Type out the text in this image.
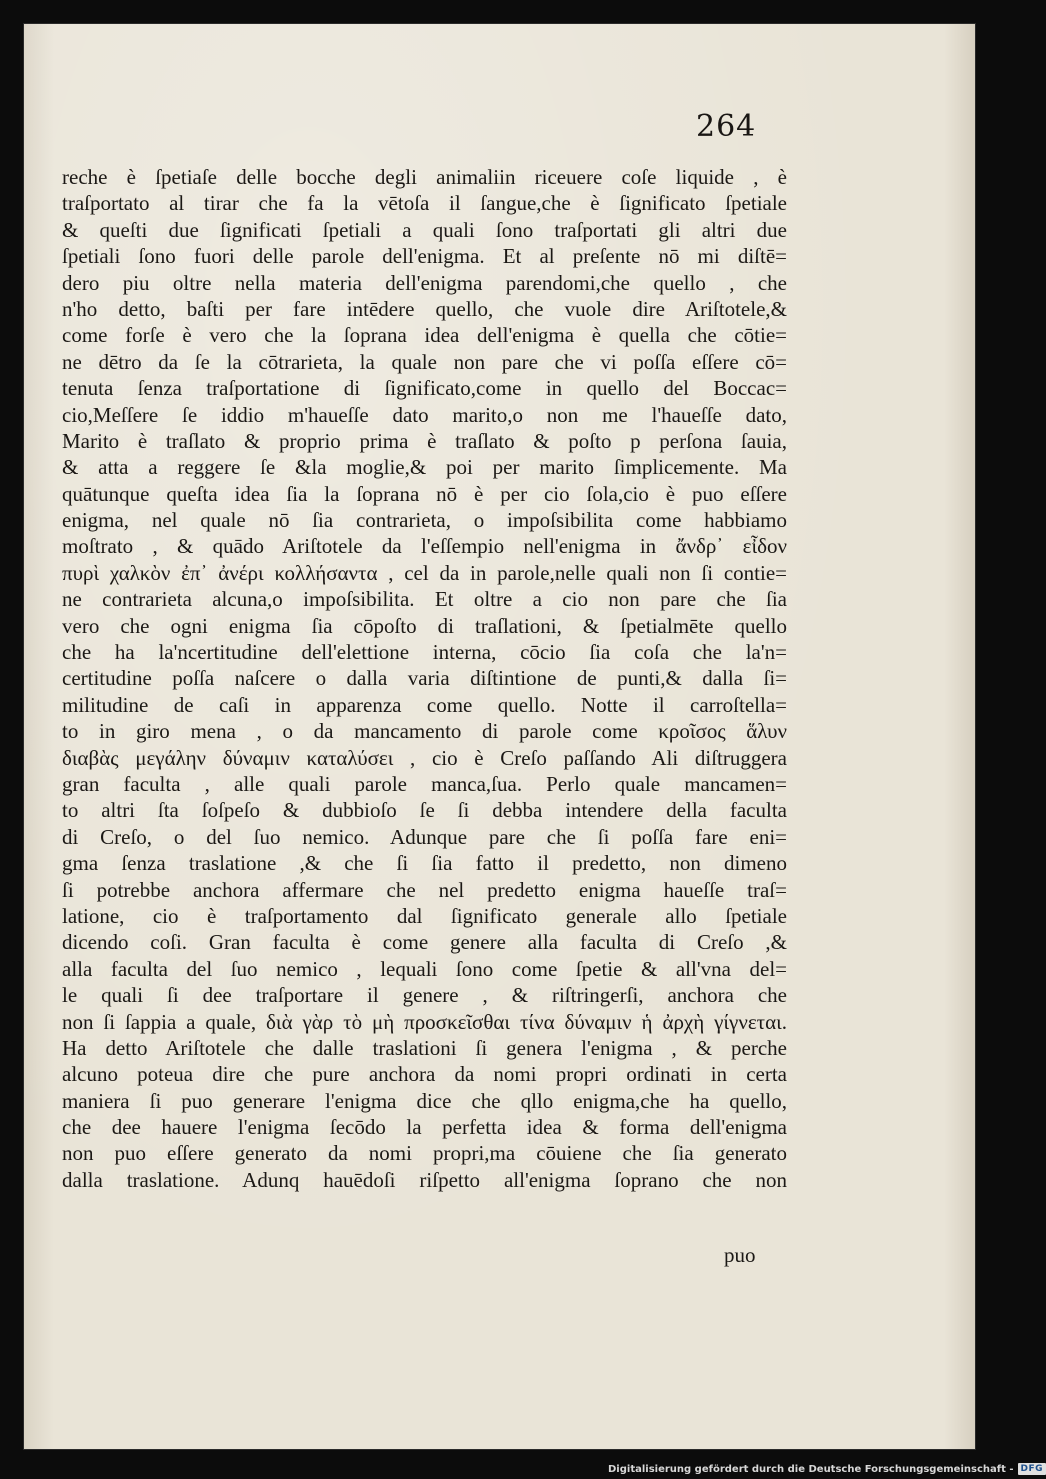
264
reche è ſpetiaſe delle bocche degli animaliin riceuere coſe liquide , è
traſportato al tirar che fa la vētoſa il ſangue,che è ſignificato ſpetiale
& queſti due ſignificati ſpetiali a quali ſono traſportati gli altri due
ſpetiali ſono fuori delle parole dell'enigma. Et al preſente nō mi diſtē=
dero piu oltre nella materia dell'enigma parendomi,che quello , che
n'ho detto, baſti per fare intēdere quello, che vuole dire Ariſtotele,&
come forſe è vero che la ſoprana idea dell'enigma è quella che cōtie=
ne dētro da ſe la cōtrarieta, la quale non pare che vi poſſa eſſere cō=
tenuta ſenza traſportatione di ſignificato,come in quello del Boccac=
cio,Meſſere ſe iddio m'haueſſe dato marito,o non me l'haueſſe dato,
Marito è traſlato & proprio prima è traſlato & poſto p perſona ſauia,
& atta a reggere ſe &la moglie,& poi per marito ſimplicemente. Ma
quātunque queſta idea ſia la ſoprana nō è per cio ſola,cio è puo eſſere
enigma, nel quale nō ſia contrarieta, o impoſsibilita come habbiamo
moſtrato , & quādo Ariſtotele da l'eſſempio nell'enigma in ἄνδρ᾽ εἶδον
πυρὶ χαλκὸν ἐπ᾽ ἀνέρι κολλήσαντα , cel da in parole,nelle quali non ſi contie=
ne contrarieta alcuna,o impoſsibilita. Et oltre a cio non pare che ſia
vero che ogni enigma ſia cōpoſto di traſlationi, & ſpetialmēte quello
che ha la'ncertitudine dell'elettione interna, cōcio ſia coſa che la'n=
certitudine poſſa naſcere o dalla varia diſtintione de punti,& dalla ſi=
militudine de caſi in apparenza come quello. Notte il carroſtella=
to in giro mena , o da mancamento di parole come κροῖσος ἅλυν
διαβὰς μεγάλην δύναμιν καταλύσει , cio è Creſo paſſando Ali diſtruggera
gran faculta , alle quali parole manca,ſua. Perlo quale mancamen=
to altri ſta ſoſpeſo & dubbioſo ſe ſi debba intendere della faculta
di Creſo, o del ſuo nemico. Adunque pare che ſi poſſa fare eni=
gma ſenza traslatione ,& che ſi ſia fatto il predetto, non dimeno
ſi potrebbe anchora affermare che nel predetto enigma haueſſe traſ=
latione, cio è traſportamento dal ſignificato generale allo ſpetiale
dicendo coſi. Gran faculta è come genere alla faculta di Creſo ,&
alla faculta del ſuo nemico , lequali ſono come ſpetie & all'vna del=
le quali ſi dee traſportare il genere , & riſtringerſi, anchora che
non ſi ſappia a quale, διὰ γὰρ τὸ μὴ προσκεῖσθαι τίνα δύναμιν ἡ ἀρχὴ γίγνεται.
Ha detto Ariſtotele che dalle traslationi ſi genera l'enigma , & perche
alcuno poteua dire che pure anchora da nomi propri ordinati in certa
maniera ſi puo generare l'enigma dice che qllo enigma,che ha quello,
che dee hauere l'enigma ſecōdo la perfetta idea & forma dell'enigma
non puo eſſere generato da nomi propri,ma cōuiene che ſia generato
dalla traslatione. Adunq hauēdoſi riſpetto all'enigma ſoprano che non
puo
Digitalisierung gefördert durch die Deutsche Forschungsgemeinschaft - DFG
